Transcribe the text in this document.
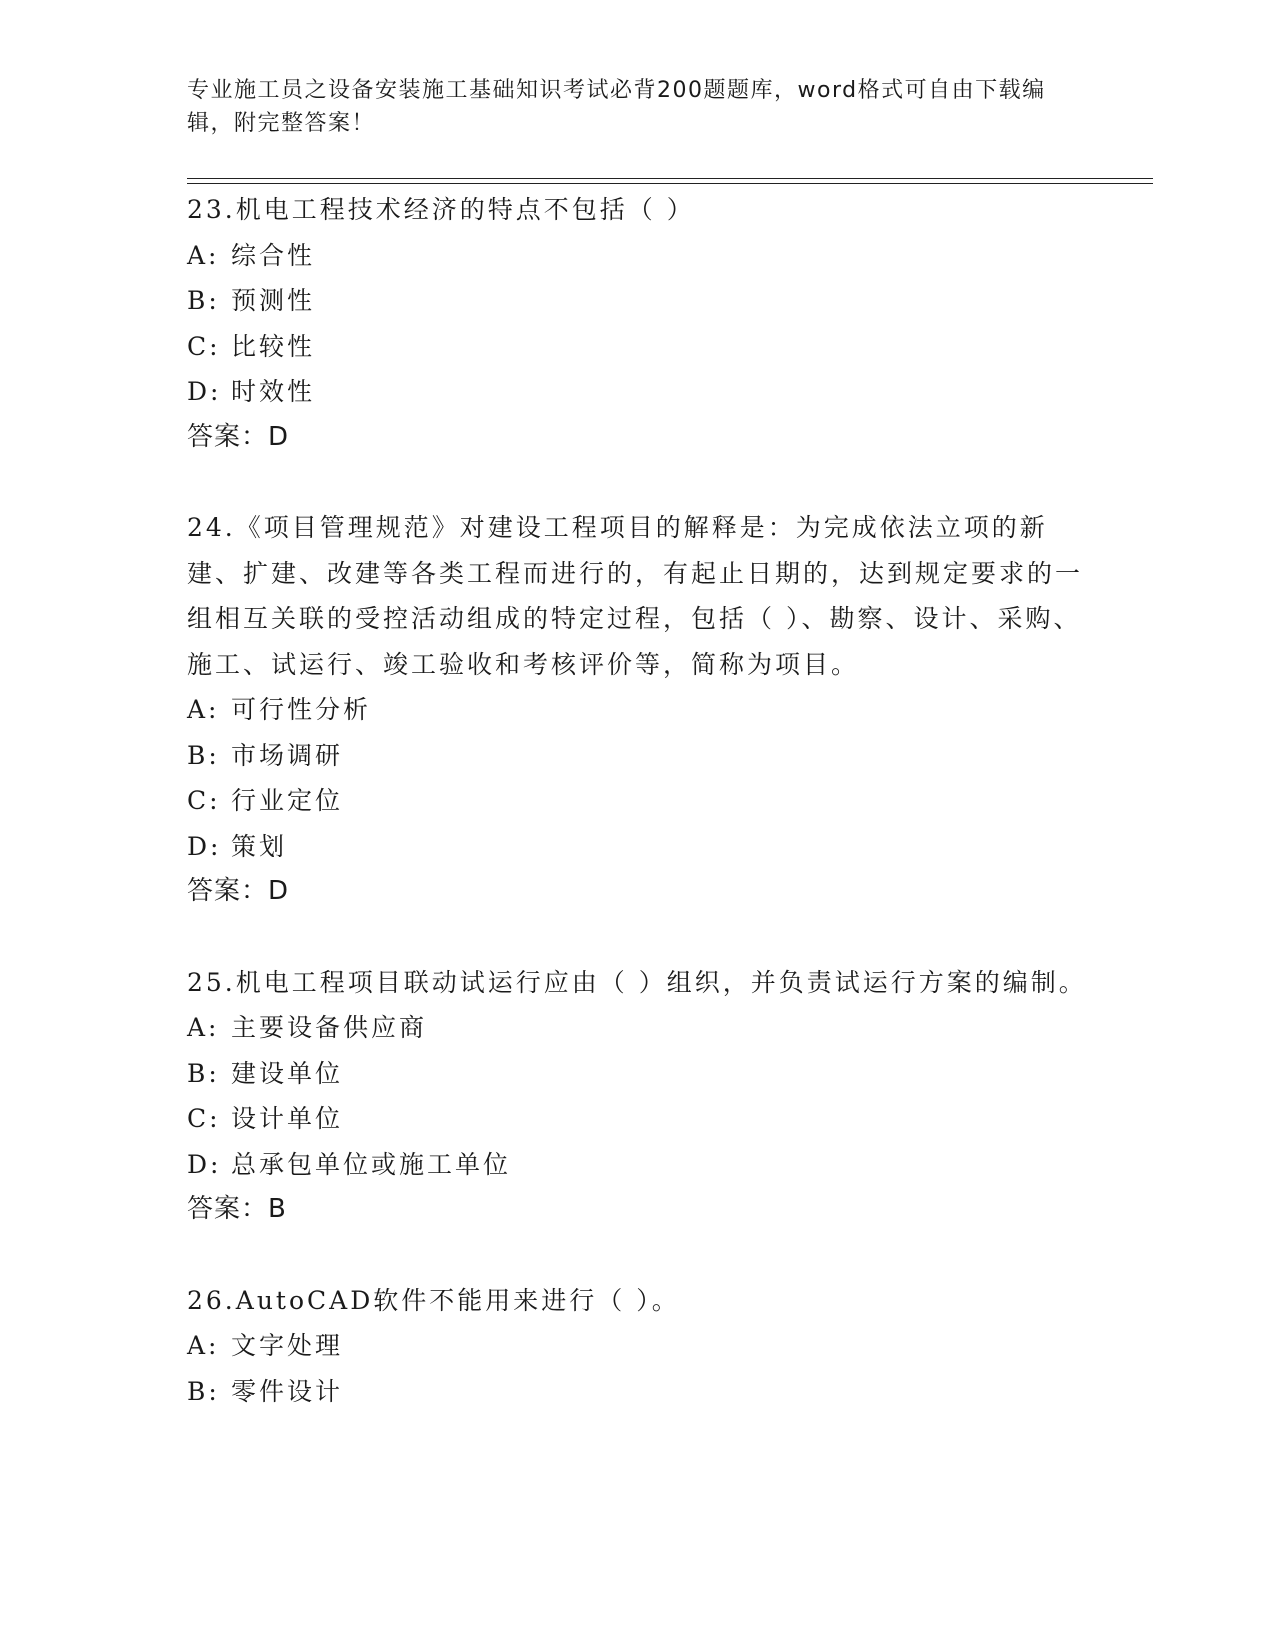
专业施工员之设备安装施工基础知识考试必背200题题库，word格式可自由下载编辑，附完整答案！

23.机电工程技术经济的特点不包括（ ）

A: 综合性

B: 预测性

C: 比较性

D: 时效性

答案：D

24.《项目管理规范》对建设工程项目的解释是：为完成依法立项的新建、扩建、改建等各类工程而进行的，有起止日期的，达到规定要求的一组相互关联的受控活动组成的特定过程，包括（ ）、勘察、设计、采购、施工、试运行、竣工验收和考核评价等，简称为项目。

A: 可行性分析

B: 市场调研

C: 行业定位

D: 策划

答案：D

25.机电工程项目联动试运行应由（ ）组织，并负责试运行方案的编制。

A: 主要设备供应商

B: 建设单位

C: 设计单位

D: 总承包单位或施工单位

答案：B

26.AutoCAD软件不能用来进行（ ）。

A: 文字处理

B: 零件设计
